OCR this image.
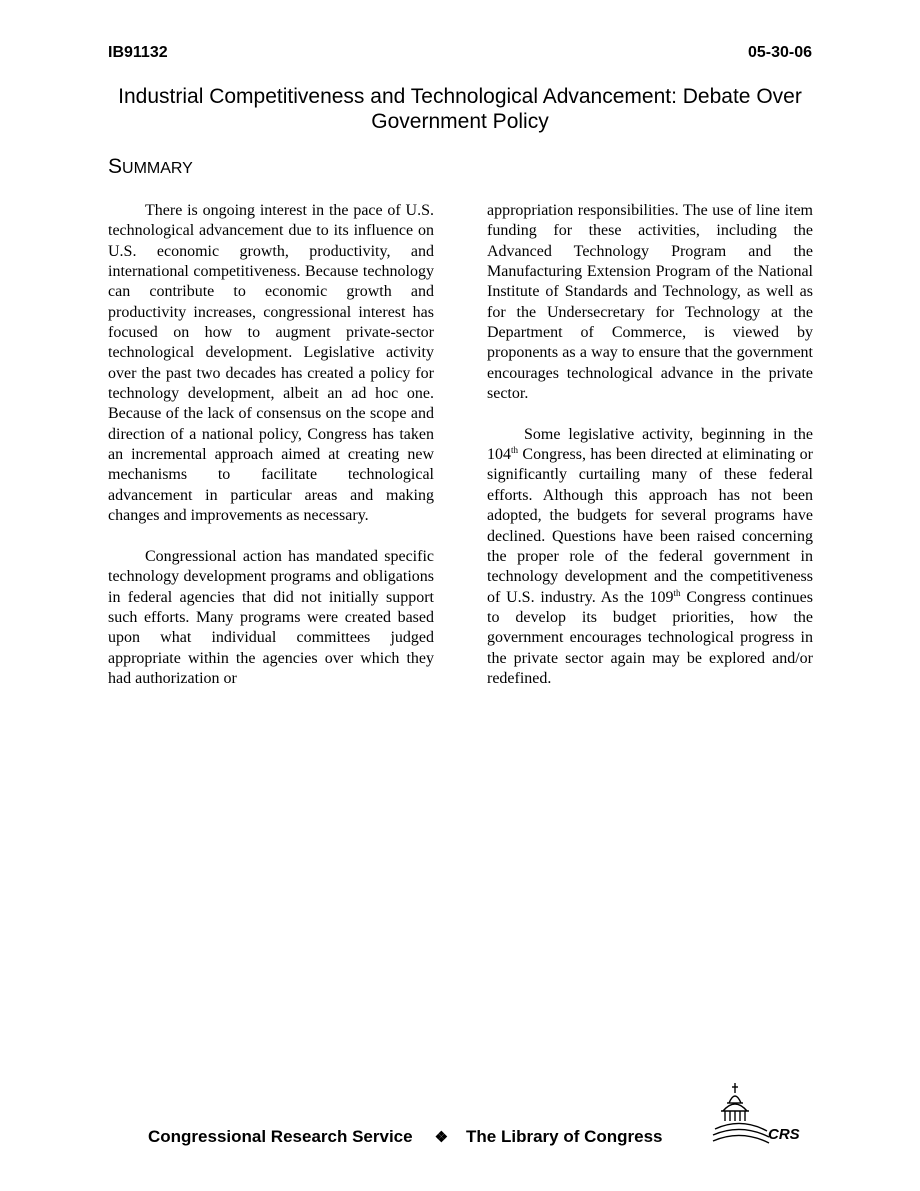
IB91132	05-30-06
Industrial Competitiveness and Technological Advancement: Debate Over Government Policy
SUMMARY

There is ongoing interest in the pace of U.S. technological advancement due to its influence on U.S. economic growth, productivity, and international competitiveness. Because technology can contribute to economic growth and productivity increases, congressional interest has focused on how to augment private-sector technological development. Legislative activity over the past two decades has created a policy for technology development, albeit an ad hoc one. Because of the lack of consensus on the scope and direction of a national policy, Congress has taken an incremental approach aimed at creating new mechanisms to facilitate technological advancement in particular areas and making changes and improvements as necessary.

Congressional action has mandated specific technology development programs and obligations in federal agencies that did not initially support such efforts. Many programs were created based upon what individual committees judged appropriate within the agencies over which they had authorization or

appropriation responsibilities. The use of line item funding for these activities, including the Advanced Technology Program and the Manufacturing Extension Program of the National Institute of Standards and Technology, as well as for the Undersecretary for Technology at the Department of Commerce, is viewed by proponents as a way to ensure that the government encourages technological advance in the private sector.

Some legislative activity, beginning in the 104th Congress, has been directed at eliminating or significantly curtailing many of these federal efforts. Although this approach has not been adopted, the budgets for several programs have declined. Questions have been raised concerning the proper role of the federal government in technology development and the competitiveness of U.S. industry. As the 109th Congress continues to develop its budget priorities, how the government encourages technological progress in the private sector again may be explored and/or redefined.

Congressional Research Service ❖ The Library of Congress	CRS
